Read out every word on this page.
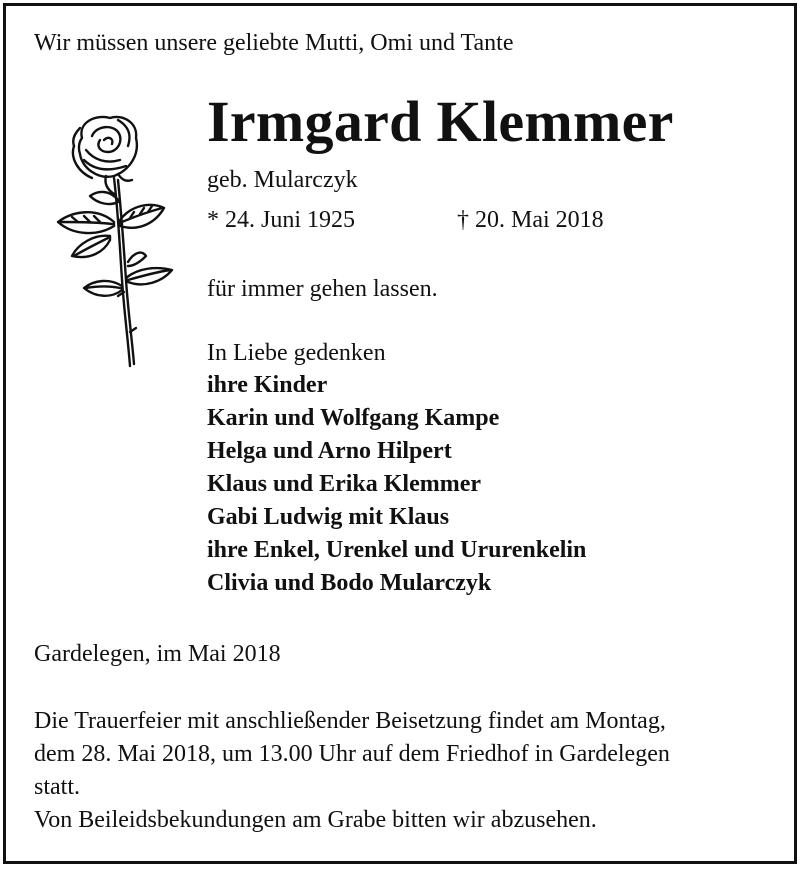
Wir müssen unsere geliebte Mutti, Omi und Tante
Irmgard Klemmer
geb. Mularczyk
* 24. Juni 1925	† 20. Mai 2018
für immer gehen lassen.
In Liebe gedenken
ihre Kinder
Karin und Wolfgang Kampe
Helga und Arno Hilpert
Klaus und Erika Klemmer
Gabi Ludwig mit Klaus
ihre Enkel, Urenkel und Ururenkelin
Clivia und Bodo Mularczyk
Gardelegen, im Mai 2018
Die Trauerfeier mit anschließender Beisetzung findet am Montag,
dem 28. Mai 2018, um 13.00 Uhr auf dem Friedhof in Gardelegen
statt.
Von Beileidsbekundungen am Grabe bitten wir abzusehen.
